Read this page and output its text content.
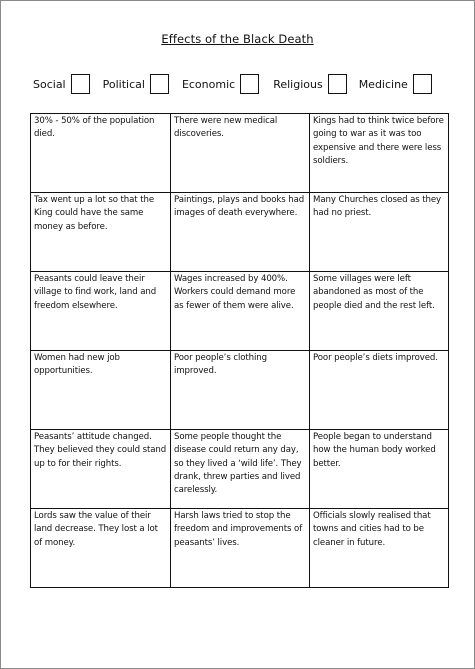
Effects of the Black Death
Social	Political	Economic	Religious	Medicine
30% - 50% of the population died.	There were new medical discoveries.	Kings had to think twice before going to war as it was too expensive and there were less soldiers.
Tax went up a lot so that the King could have the same money as before.	Paintings, plays and books had images of death everywhere.	Many Churches closed as they had no priest.
Peasants could leave their village to find work, land and freedom elsewhere.	Wages increased by 400%. Workers could demand more as fewer of them were alive.	Some villages were left abandoned as most of the people died and the rest left.
Women had new job opportunities.	Poor people’s clothing improved.	Poor people’s diets improved.
Peasants’ attitude changed. They believed they could stand up to for their rights.	Some people thought the disease could return any day, so they lived a ‘wild life’. They drank, threw parties and lived carelessly.	People began to understand how the human body worked better.
Lords saw the value of their land decrease. They lost a lot of money.	Harsh laws tried to stop the freedom and improvements of peasants’ lives.	Officials slowly realised that towns and cities had to be cleaner in future.
